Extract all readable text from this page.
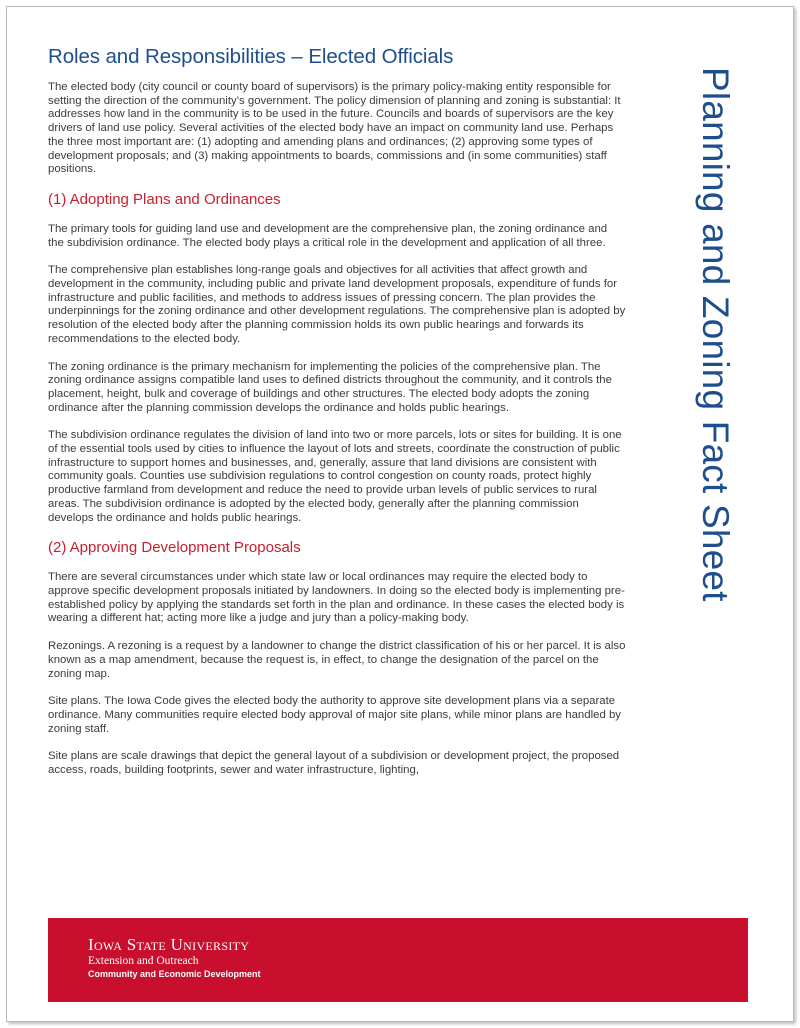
Roles and Responsibilities – Elected Officials

The elected body (city council or county board of supervisors) is the primary policy-making entity responsible for setting the direction of the community’s government. The policy dimension of planning and zoning is substantial: It addresses how land in the community is to be used in the future. Councils and boards of supervisors are the key drivers of land use policy. Several activities of the elected body have an impact on community land use. Perhaps the three most important are: (1) adopting and amending plans and ordinances; (2) approving some types of development proposals; and (3) making appointments to boards, commissions and (in some communities) staff positions.

(1) Adopting Plans and Ordinances

The primary tools for guiding land use and development are the comprehensive plan, the zoning ordinance and the subdivision ordinance. The elected body plays a critical role in the development and application of all three.

The comprehensive plan establishes long-range goals and objectives for all activities that affect growth and development in the community, including public and private land development proposals, expenditure of funds for infrastructure and public facilities, and methods to address issues of pressing concern. The plan provides the underpinnings for the zoning ordinance and other development regulations. The comprehensive plan is adopted by resolution of the elected body after the planning commission holds its own public hearings and forwards its recommendations to the elected body.

The zoning ordinance is the primary mechanism for implementing the policies of the comprehensive plan. The zoning ordinance assigns compatible land uses to defined districts throughout the community, and it controls the placement, height, bulk and coverage of buildings and other structures. The elected body adopts the zoning ordinance after the planning commission develops the ordinance and holds public hearings.

The subdivision ordinance regulates the division of land into two or more parcels, lots or sites for building. It is one of the essential tools used by cities to influence the layout of lots and streets, coordinate the construction of public infrastructure to support homes and businesses, and, generally, assure that land divisions are consistent with community goals. Counties use subdivision regulations to control congestion on county roads, protect highly productive farmland from development and reduce the need to provide urban levels of public services to rural areas. The subdivision ordinance is adopted by the elected body, generally after the planning commission develops the ordinance and holds public hearings.

(2) Approving Development Proposals

There are several circumstances under which state law or local ordinances may require the elected body to approve specific development proposals initiated by landowners. In doing so the elected body is implementing pre-established policy by applying the standards set forth in the plan and ordinance. In these cases the elected body is wearing a different hat; acting more like a judge and jury than a policy-making body.

Rezonings. A rezoning is a request by a landowner to change the district classification of his or her parcel. It is also known as a map amendment, because the request is, in effect, to change the designation of the parcel on the zoning map.

Site plans. The Iowa Code gives the elected body the authority to approve site development plans via a separate ordinance. Many communities require elected body approval of major site plans, while minor plans are handled by zoning staff.

Site plans are scale drawings that depict the general layout of a subdivision or development project, the proposed access, roads, building footprints, sewer and water infrastructure, lighting,

Planning and Zoning Fact Sheet
Iowa State University
Extension and Outreach
Community and Economic Development
